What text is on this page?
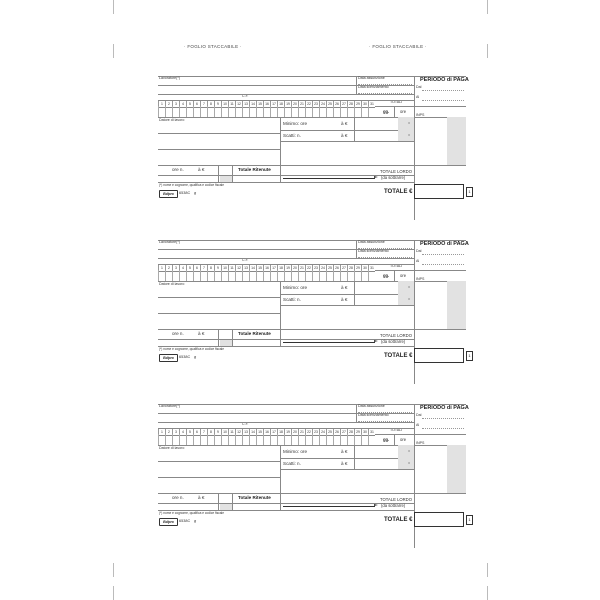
· FOGLIO STACCABILE ·	· FOGLIO STACCABILE ·
Lavoratore(*)	Data assunzione
Data licenziamento
C.F.
1	2	3	4	5	6	7	8	9	10 11 12 13 14 15 16 17 18 19 20 21 22 23 24 25 26 27 28 29 30 31	TOTALI
gg.	ore
PERIODO di PAGA
Dal
Al
INPS
Datore di lavoro
Minimo: ore	à €
Scatti: n.	à €
=
=
ore n.	à €	Totale Ritenute	TOTALE LORDO
(da sottrarre)
(*) nome e cognome, qualifica e codice fiscale
Edipro	6538C g	TOTALE €	1
Lavoratore(*)	Data assunzione
Data licenziamento
C.F.
1	2	3	4	5	6	7	8	9	10 11 12 13 14 15 16 17 18 19 20 21 22 23 24 25 26 27 28 29 30 31	TOTALI
gg.	ore
PERIODO di PAGA
Dal
Al
INPS
Datore di lavoro
Minimo: ore	à €
Scatti: n.	à €
=
=
ore n.	à €	Totale Ritenute	TOTALE LORDO
(da sottrarre)
(*) nome e cognome, qualifica e codice fiscale
Edipro	6538C g	TOTALE €	1
Lavoratore(*)	Data assunzione
Data licenziamento
C.F.
1	2	3	4	5	6	7	8	9	10 11 12 13 14 15 16 17 18 19 20 21 22 23 24 25 26 27 28 29 30 31	TOTALI
gg.	ore
PERIODO di PAGA
Dal
Al
INPS
Datore di lavoro
Minimo: ore	à €
Scatti: n.	à €
=
=
ore n.	à €	Totale Ritenute	TOTALE LORDO
(da sottrarre)
(*) nome e cognome, qualifica e codice fiscale
Edipro	6538C g	TOTALE €	1
